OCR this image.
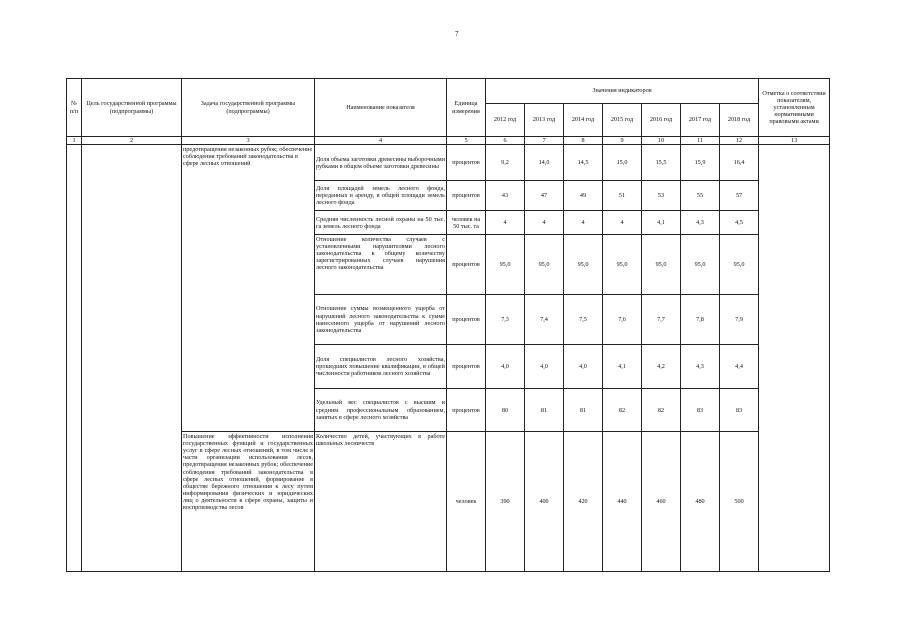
7
№
п/п	Цель государственной программы (подпрограммы)	Задача государственной программы (подпрограммы)	Наименование показателя	Единица измерения	Значения индикаторов							Отметка о соответствии показателям, установленным нормативными правовыми актами
					2012 год	2013 год	2014 год	2015 год	2016 год	2017 год	2018 год	
1	2	3	4	5	6	7	8	9	10	11	12	13
		предотвращения незаконных рубок; обеспечение соблюдения требований законодательства в сфере лесных отношений	Доля объема заготовки древесины выборочными рубками в общем объеме заготовки древесины	процентов	9,2	14,0	14,5	15,0	15,5	15,9	16,4	
			Доля площадей земель лесного фонда, переданных в аренду, в общей площади земель лесного фонда	процентов	43	47	49	51	53	55	57	
			Средняя численность лесной охраны на 50 тыс. га земель лесного фонда	человек на 50 тыс. га	4	4	4	4	4,1	4,3	4,5	
			Отношение количества случаев с установленными нарушителями лесного законодательства к общему количеству зарегистрированных случаев нарушения лесного законодательства	процентов	95,0	95,0	95,0	95,0	95,0	95,0	95,0	
			Отношение суммы возмещенного ущерба от нарушений лесного законодательства к сумме нанесенного ущерба от нарушений лесного законодательства	процентов	7,3	7,4	7,5	7,6	7,7	7,8	7,9	
			Доля специалистов лесного хозяйства, прошедших повышение квалификации, в общей численности работников лесного хозяйства	процентов	4,0	4,0	4,0	4,1	4,2	4,3	4,4	
			Удельный вес специалистов с высшим и средним профессиональным образованием, занятых в сфере лесного хозяйства	процентов	80	81	81	82	82	83	83	
		Повышение эффективности исполнения государственных функций и государственных услуг в сфере лесных отношений, в том числе в части организации использования лесов, предотвращения незаконных рубок; обеспечение соблюдения требований законодательства в сфере лесных отношений, формирование в обществе бережного отношения к лесу путем информирования физических и юридических лиц о деятельности в сфере охраны, защиты и воспроизводства лесов	Количество детей, участвующих в работе школьных лесничеств	человек	390	400	420	440	460	480	500	
